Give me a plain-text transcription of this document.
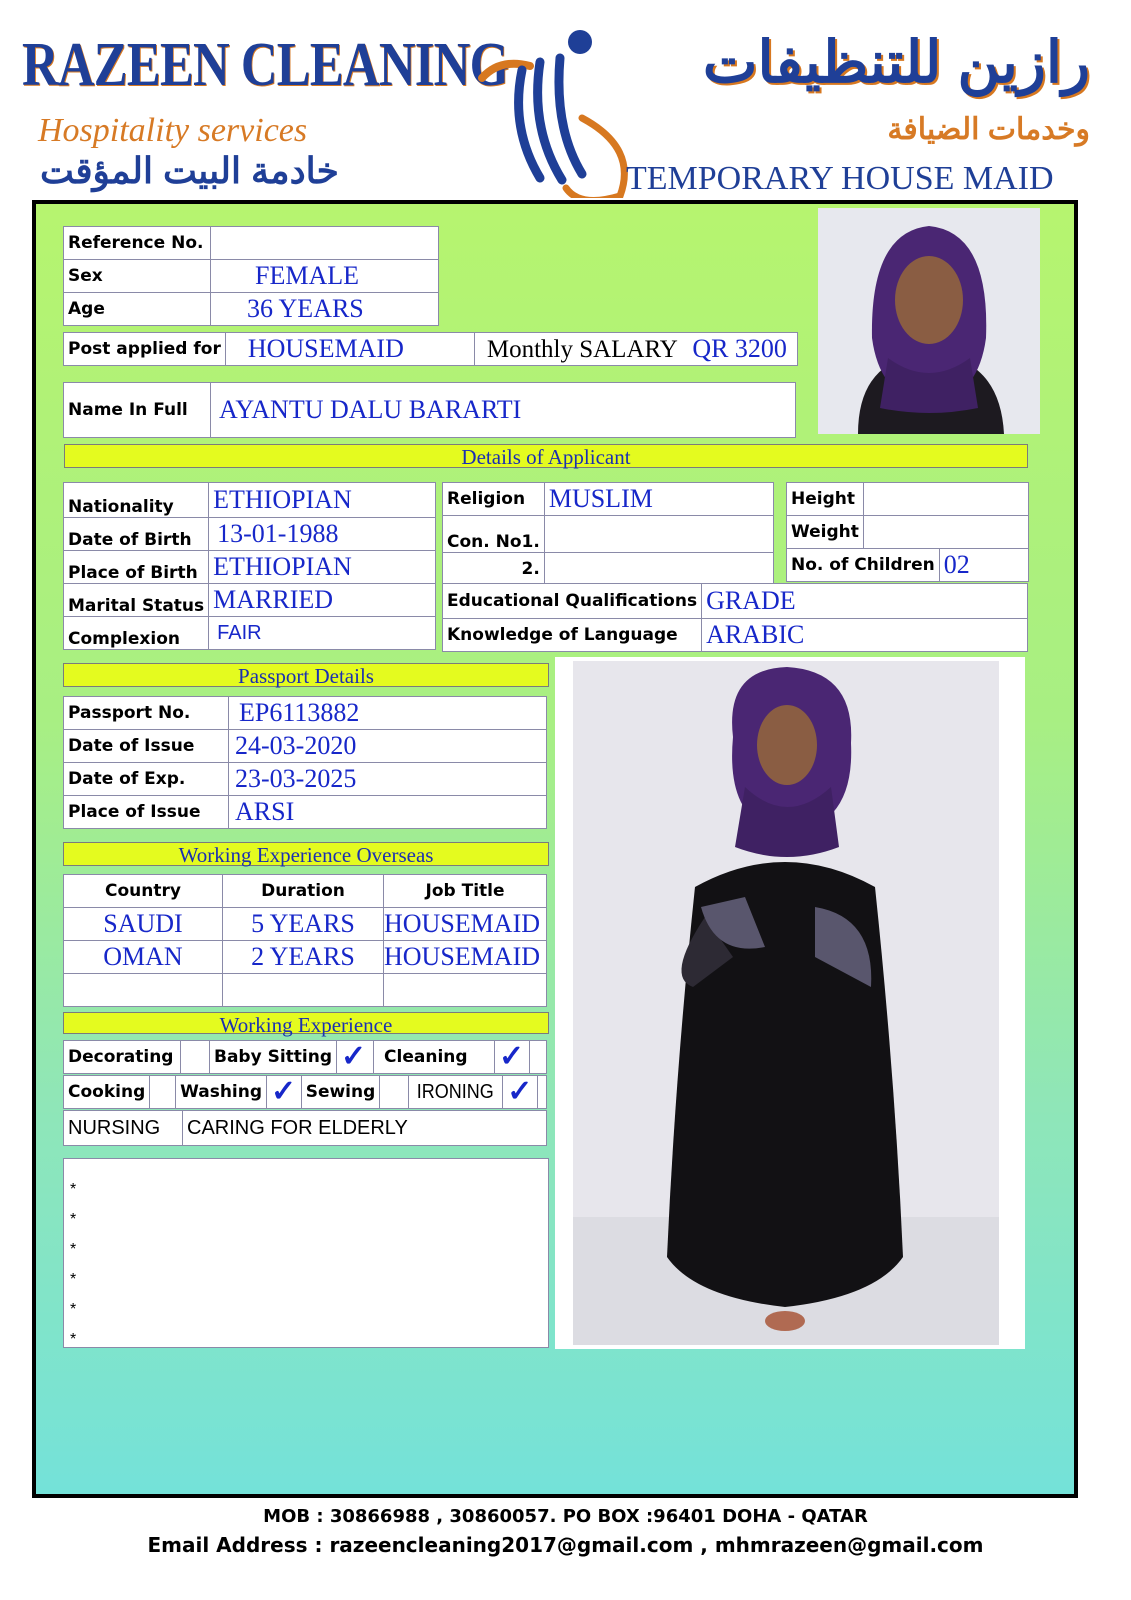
RAZEEN CLEANING
Hospitality services
خادمة البيت المؤقت
رازين للتنظيفات
وخدمات الضيافة
TEMPORARY HOUSE MAID
Reference No.	
Sex	FEMALE
Age	36 YEARS
Post applied for	HOUSEMAID	Monthly SALARY QR 3200
Name In Full	AYANTU DALU BARARTI
Details of Applicant
Nationality	ETHIOPIAN
Date of Birth	13-01-1988
Place of Birth	ETHIOPIAN
Marital Status	MARRIED
Complexion	FAIR
Religion	MUSLIM
Con. No1.	
2.	
Height		
Weight		
No. of Children		02
Educational Qualifications	GRADE
Knowledge of Language	ARABIC
Passport Details
Passport No.	EP6113882
Date of Issue	24-03-2020
Date of Exp.	23-03-2025
Place of Issue	ARSI
Working Experience Overseas
Country	Duration	Job Title
SAUDI	5 YEARS	HOUSEMAID
OMAN	2 YEARS	HOUSEMAID

Working Experience
Decorating		Baby Sitting	✓	Cleaning	✓	
Cooking		Washing	✓	Sewing		IRONING	✓	
NURSING	CARING FOR ELDERLY
*
*
*
*
*
*
MOB : 30866988 , 30860057. PO BOX :96401 DOHA - QATAR
Email Address : razeencleaning2017@gmail.com , mhmrazeen@gmail.com
